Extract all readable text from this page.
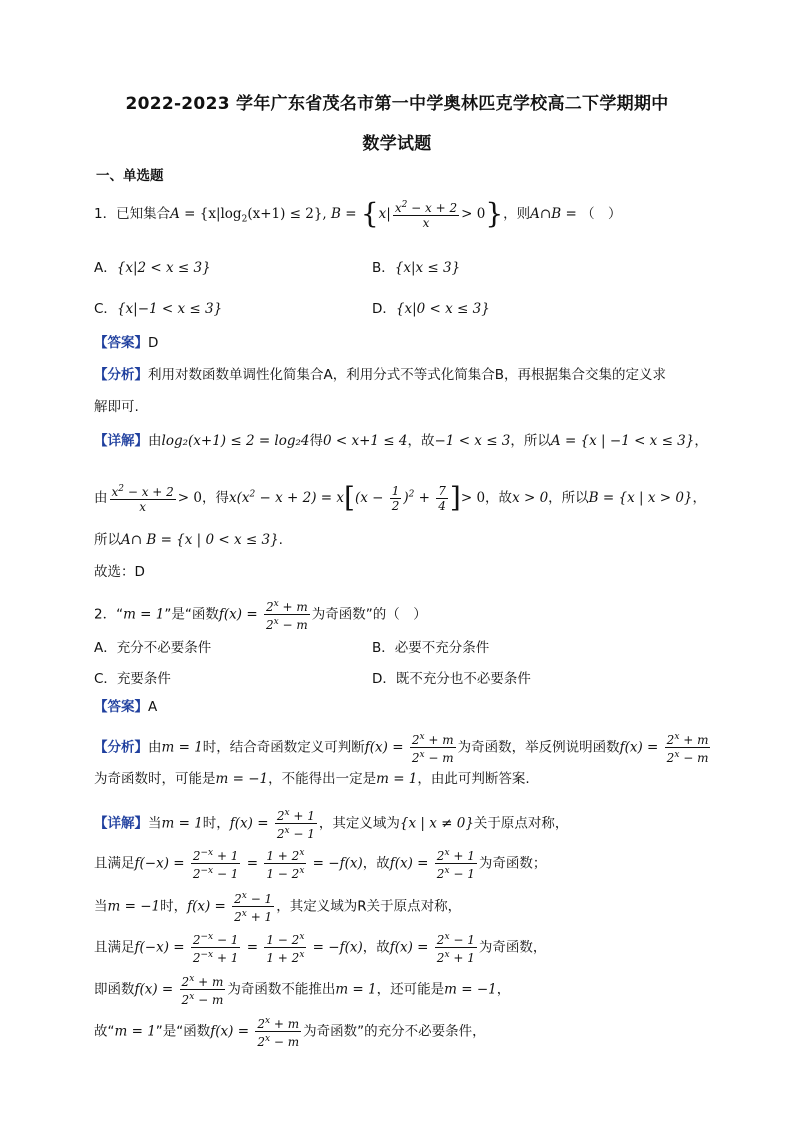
2022-2023 学年广东省茂名市第一中学奥林匹克学校高二下学期期中
数学试题
一、单选题
1．已知集合$A = \{x|\log_2(x+1) \le 2\}$, $B = \{x| \frac{x^2 - x + 2}{x} > 0\}$，则A∩B = （　）
A．{x|2 < x ≤ 3}	B．{x|x ≤ 3}
C．{x|−1 < x ≤ 3}	D．{x|0 < x ≤ 3}
【答案】D
【分析】利用对数函数单调性化简集合A，利用分式不等式化简集合B，再根据集合交集的定义求
解即可.
【详解】由log₂(x+1) ≤ 2 = log₂4得0 < x+1 ≤ 4，故−1 < x ≤ 3，所以A = {x | −1 < x ≤ 3}，
由 $\frac{x^2 - x + 2}{x} > 0$，得$x(x^2 - x + 2) = x[(x - \frac{1}{2} )^2 + \frac{7}{4}$ ]> 0，故x > 0，所以B = {x | x > 0}，
所以A∩ B = {x | 0 < x ≤ 3}.
故选：D
2．“m = 1”是“函数$f(x) = \frac{2^x + m}{2^x - m}$ 为奇函数”的（　）
A．充分不必要条件	B．必要不充分条件
C．充要条件	D．既不充分也不必要条件
【答案】A
【分析】由m = 1时，结合奇函数定义可判断$f(x) = \frac{2^x + m}{2^x - m}$ 为奇函数，举反例说明函数$f(x) = \frac{2^x + m}{2^x - m}$
为奇函数时，可能是m = −1，不能得出一定是m = 1，由此可判断答案.
【详解】当m = 1时，$f(x) = \frac{2^x + 1}{2^x - 1}$ ，其定义域为{x | x ≠ 0}关于原点对称，
且满足$f(-x) = \frac{2^{-x} + 1}{2^{-x} - 1} = \frac{1 + 2^x}{1 - 2^x} = -f(x)$，故$f(x) = \frac{2^x + 1}{2^x - 1}$ 为奇函数；
当m = −1时，$f(x) = \frac{2^x - 1}{2^x + 1}$ ，其定义域为R关于原点对称，
且满足$f(-x) = \frac{2^{-x} - 1}{2^{-x} + 1} = \frac{1 - 2^x}{1 + 2^x} = -f(x)$，故$f(x) = \frac{2^x - 1}{2^x + 1}$ 为奇函数，
即函数$f(x) = \frac{2^x + m}{2^x - m}$ 为奇函数不能推出m = 1，还可能是m = −1，
故“m = 1”是“函数$f(x) = \frac{2^x + m}{2^x - m}$ 为奇函数”的充分不必要条件，
